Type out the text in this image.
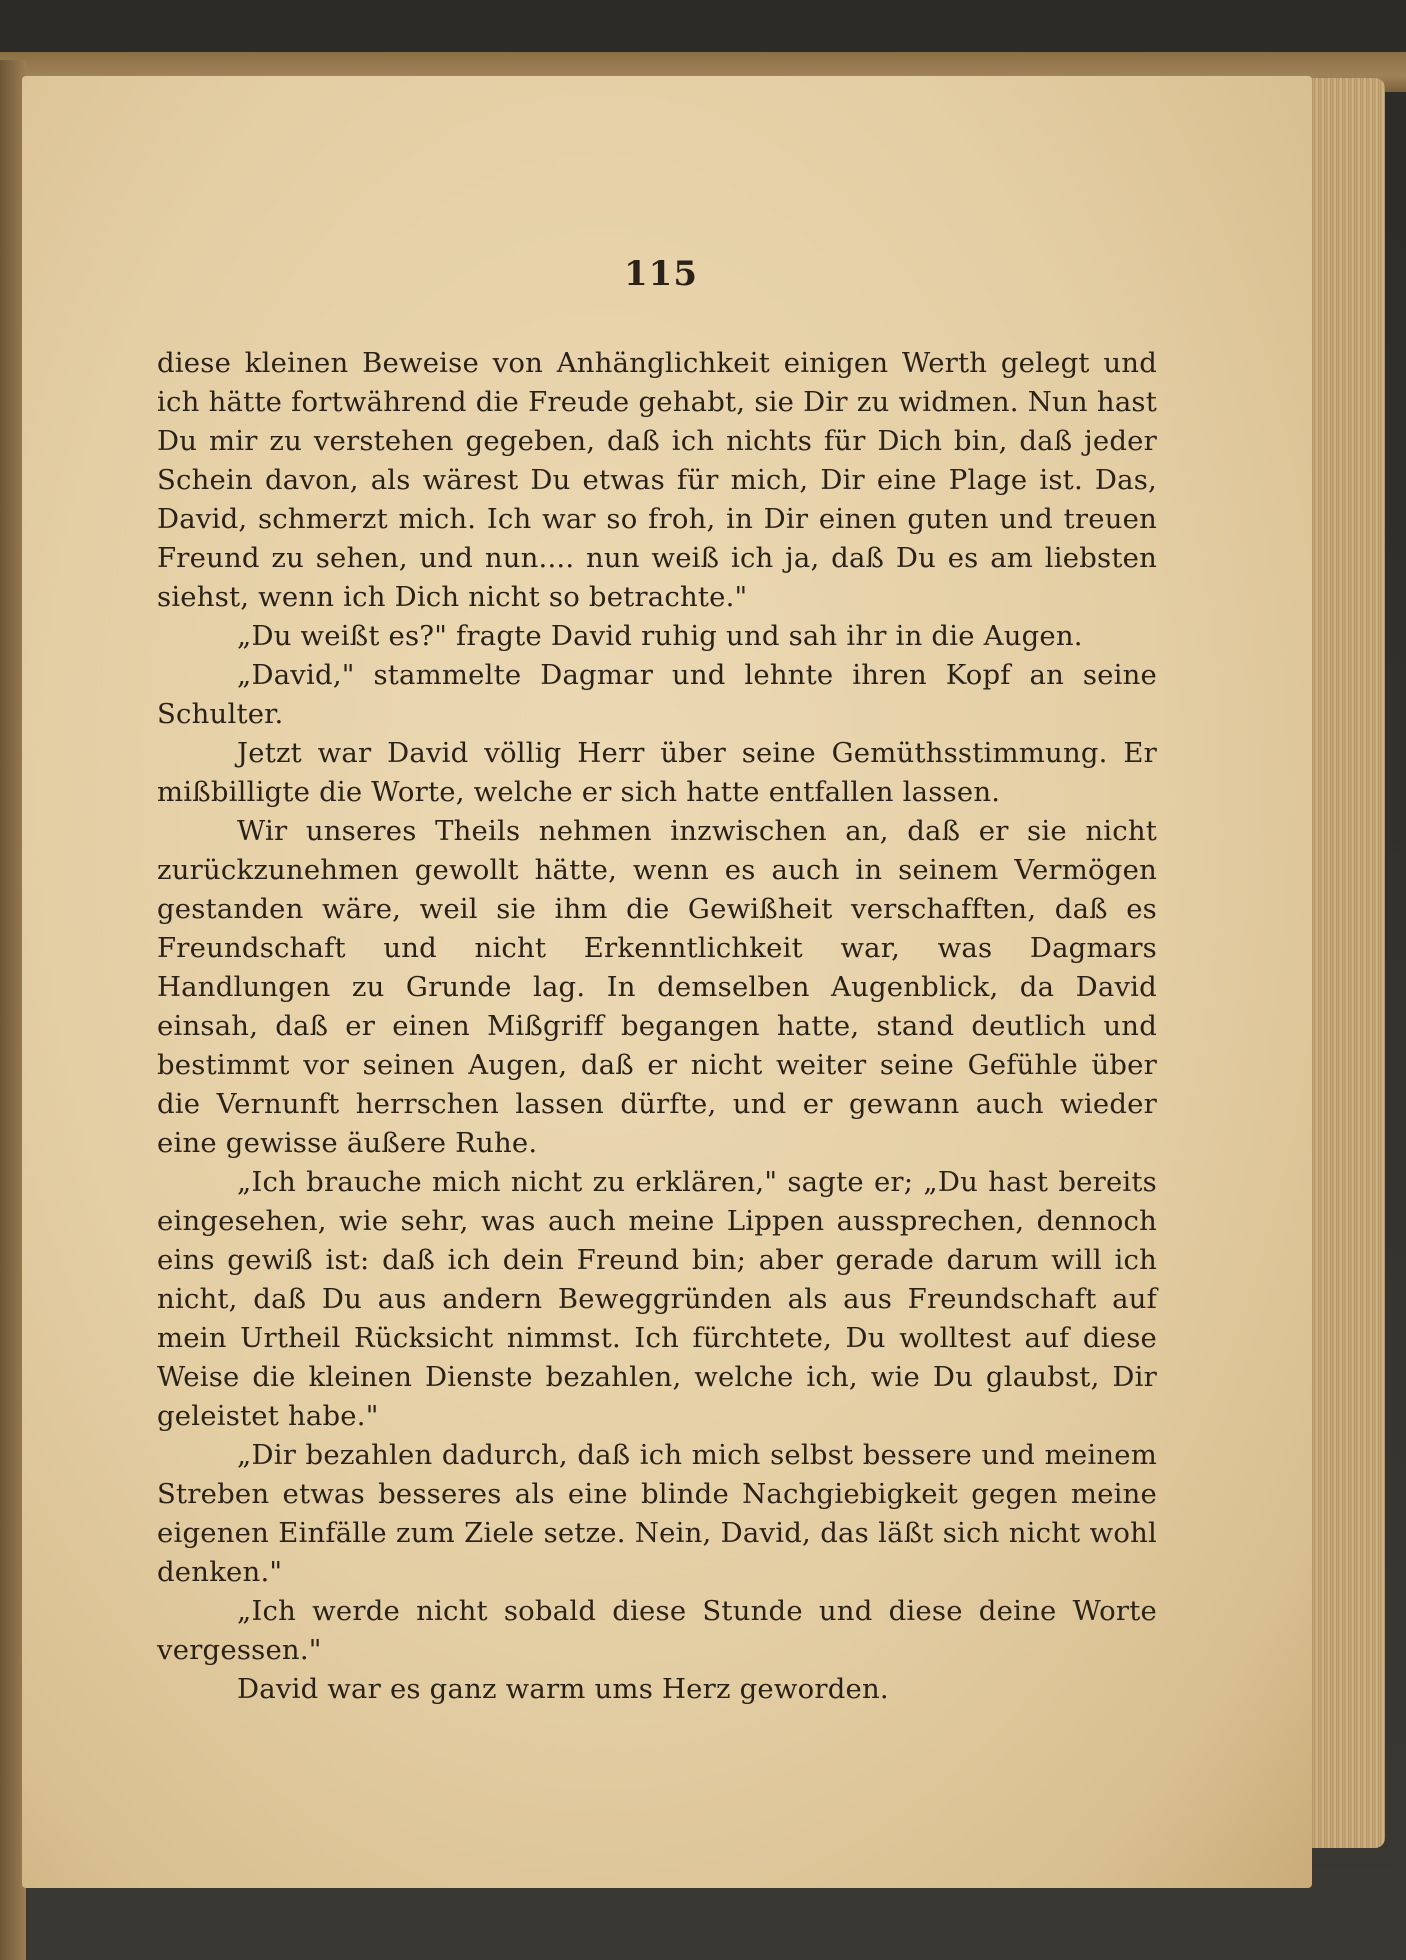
115

diese kleinen Beweise von Anhänglichkeit einigen Werth gelegt und ich hätte fortwährend die Freude gehabt, sie Dir zu widmen. Nun hast Du mir zu verstehen gegeben, daß ich nichts für Dich bin, daß jeder Schein davon, als wärest Du etwas für mich, Dir eine Plage ist. Das, David, schmerzt mich. Ich war so froh, in Dir einen guten und treuen Freund zu sehen, und nun.... nun weiß ich ja, daß Du es am liebsten siehst, wenn ich Dich nicht so betrachte."

„Du weißt es?" fragte David ruhig und sah ihr in die Augen.

„David," stammelte Dagmar und lehnte ihren Kopf an seine Schulter.

Jetzt war David völlig Herr über seine Gemüthsstimmung. Er mißbilligte die Worte, welche er sich hatte entfallen lassen.

Wir unseres Theils nehmen inzwischen an, daß er sie nicht zurückzunehmen gewollt hätte, wenn es auch in seinem Vermögen gestanden wäre, weil sie ihm die Gewißheit verschafften, daß es Freundschaft und nicht Erkenntlichkeit war, was Dagmars Handlungen zu Grunde lag. In demselben Augenblick, da David einsah, daß er einen Mißgriff begangen hatte, stand deutlich und bestimmt vor seinen Augen, daß er nicht weiter seine Gefühle über die Vernunft herrschen lassen dürfte, und er gewann auch wieder eine gewisse äußere Ruhe.

„Ich brauche mich nicht zu erklären," sagte er; „Du hast bereits eingesehen, wie sehr, was auch meine Lippen aussprechen, dennoch eins gewiß ist: daß ich dein Freund bin; aber gerade darum will ich nicht, daß Du aus andern Beweggründen als aus Freundschaft auf mein Urtheil Rücksicht nimmst. Ich fürchtete, Du wolltest auf diese Weise die kleinen Dienste bezahlen, welche ich, wie Du glaubst, Dir geleistet habe."

„Dir bezahlen dadurch, daß ich mich selbst bessere und meinem Streben etwas besseres als eine blinde Nachgiebigkeit gegen meine eigenen Einfälle zum Ziele setze. Nein, David, das läßt sich nicht wohl denken."

„Ich werde nicht sobald diese Stunde und diese deine Worte vergessen."

David war es ganz warm ums Herz geworden.
